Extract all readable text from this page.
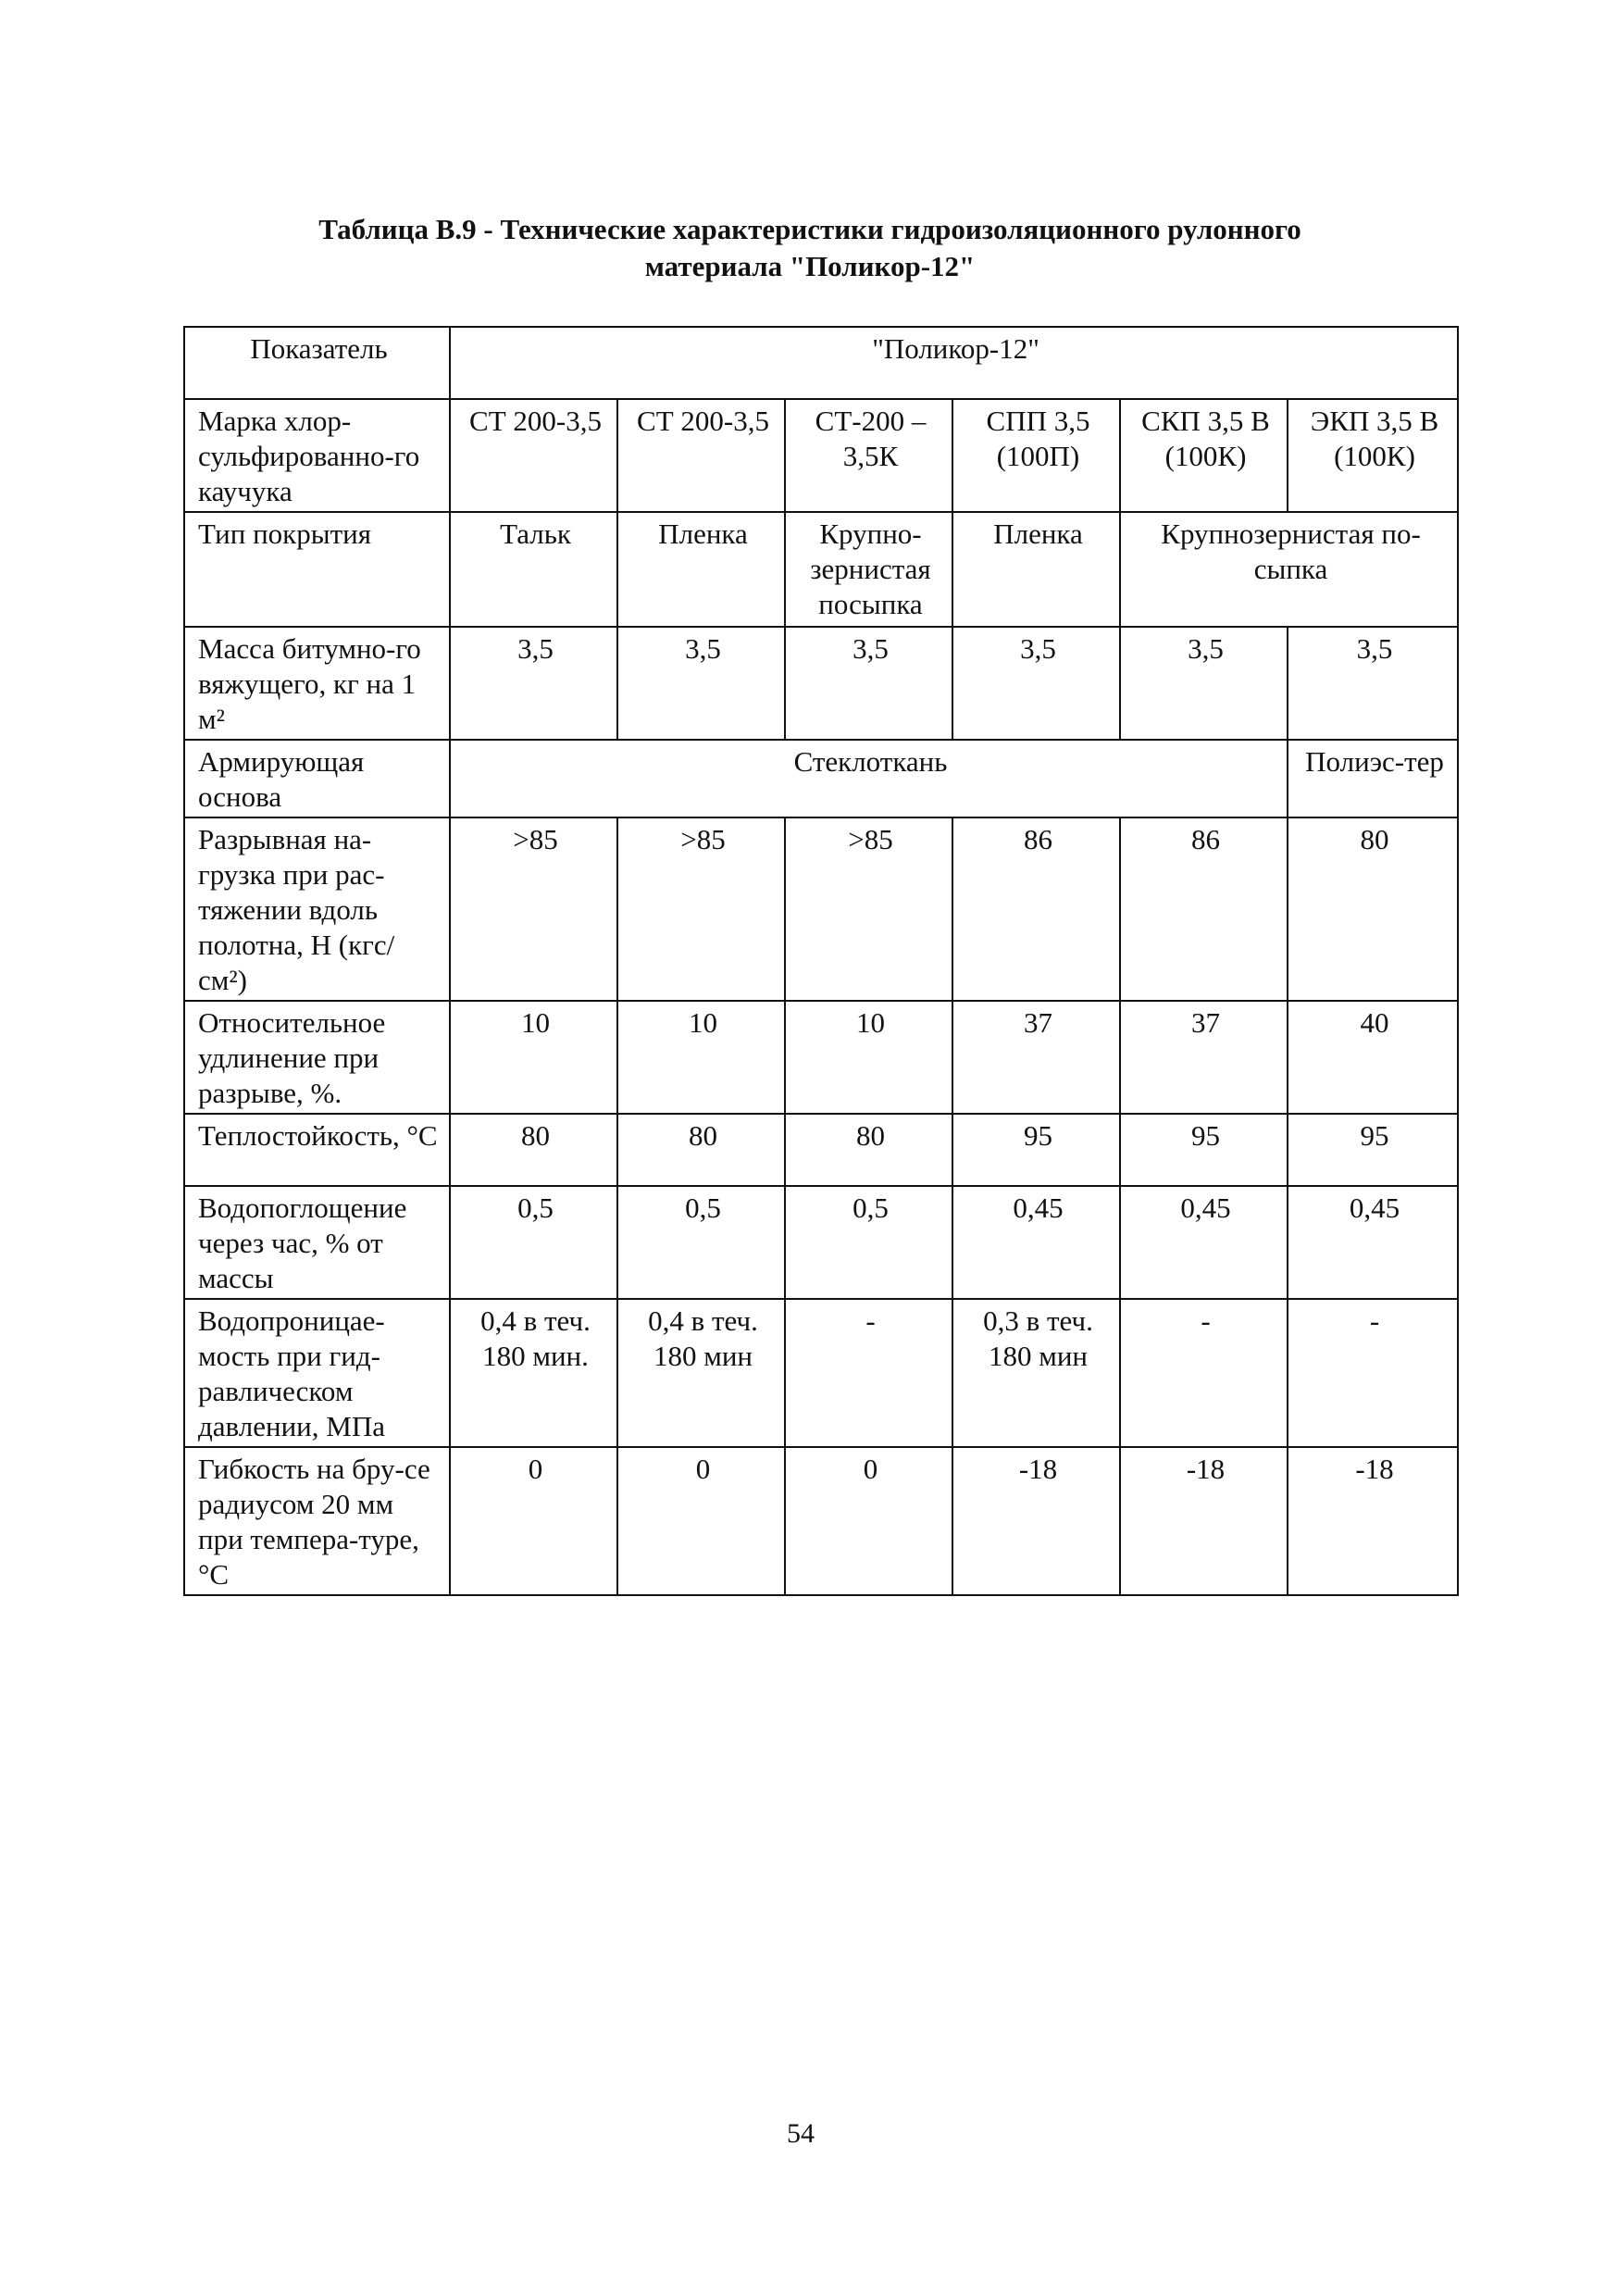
Таблица В.9 - Технические характеристики гидроизоляционного рулонного
материала "Поликор-12"
Показатель	"Поликор-12"					
Марка хлор-сульфированно-го каучука	СТ 200-3,5	СТ 200-3,5	СТ-200 – 3,5К	СПП 3,5 (100П)	СКП 3,5 В (100К)	ЭКП 3,5 В (100К)
Тип покрытия	Тальк	Пленка	Крупно-зернистая посыпка	Пленка	Крупнозернистая по-сыпка	
Масса битумно-го вяжущего, кг на 1 м²	3,5	3,5	3,5	3,5	3,5	3,5
Армирующая основа	Стеклоткань					Полиэс-тер
Разрывная на-грузка при рас-тяжении вдоль полотна, Н (кгс/см²)	>85	>85	>85	86	86	80
Относительное удлинение при разрыве, %.	10	10	10	37	37	40
Теплостойкость, °С	80	80	80	95	95	95
Водопоглощение через час, % от массы	0,5	0,5	0,5	0,45	0,45	0,45
Водопроницае-мость при гид-равлическом давлении, МПа	0,4 в теч. 180 мин.	0,4 в теч. 180 мин	-	0,3 в теч. 180 мин	-	-
Гибкость на бру-се радиусом 20 мм при темпера-туре, °С	0	0	0	-18	-18	-18
54
